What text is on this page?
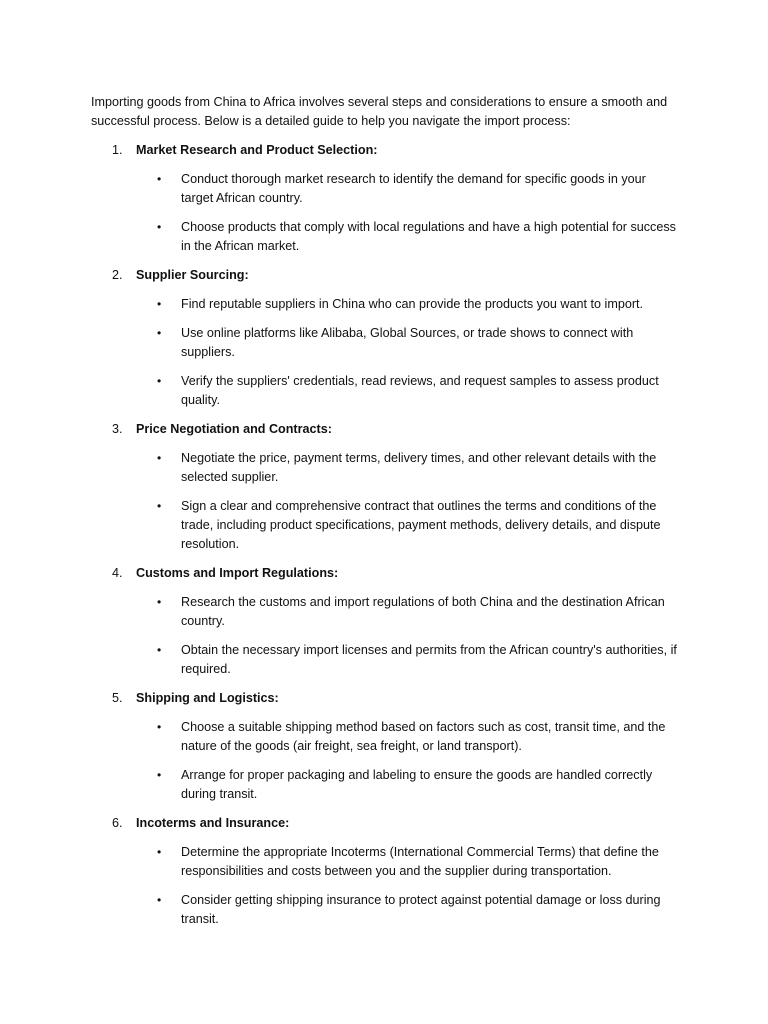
Importing goods from China to Africa involves several steps and considerations to ensure a smooth and successful process. Below is a detailed guide to help you navigate the import process:

1. Market Research and Product Selection:
• Conduct thorough market research to identify the demand for specific goods in your target African country.
• Choose products that comply with local regulations and have a high potential for success in the African market.
2. Supplier Sourcing:
• Find reputable suppliers in China who can provide the products you want to import.
• Use online platforms like Alibaba, Global Sources, or trade shows to connect with suppliers.
• Verify the suppliers' credentials, read reviews, and request samples to assess product quality.
3. Price Negotiation and Contracts:
• Negotiate the price, payment terms, delivery times, and other relevant details with the selected supplier.
• Sign a clear and comprehensive contract that outlines the terms and conditions of the trade, including product specifications, payment methods, delivery details, and dispute resolution.
4. Customs and Import Regulations:
• Research the customs and import regulations of both China and the destination African country.
• Obtain the necessary import licenses and permits from the African country's authorities, if required.
5. Shipping and Logistics:
• Choose a suitable shipping method based on factors such as cost, transit time, and the nature of the goods (air freight, sea freight, or land transport).
• Arrange for proper packaging and labeling to ensure the goods are handled correctly during transit.
6. Incoterms and Insurance:
• Determine the appropriate Incoterms (International Commercial Terms) that define the responsibilities and costs between you and the supplier during transportation.
• Consider getting shipping insurance to protect against potential damage or loss during transit.
